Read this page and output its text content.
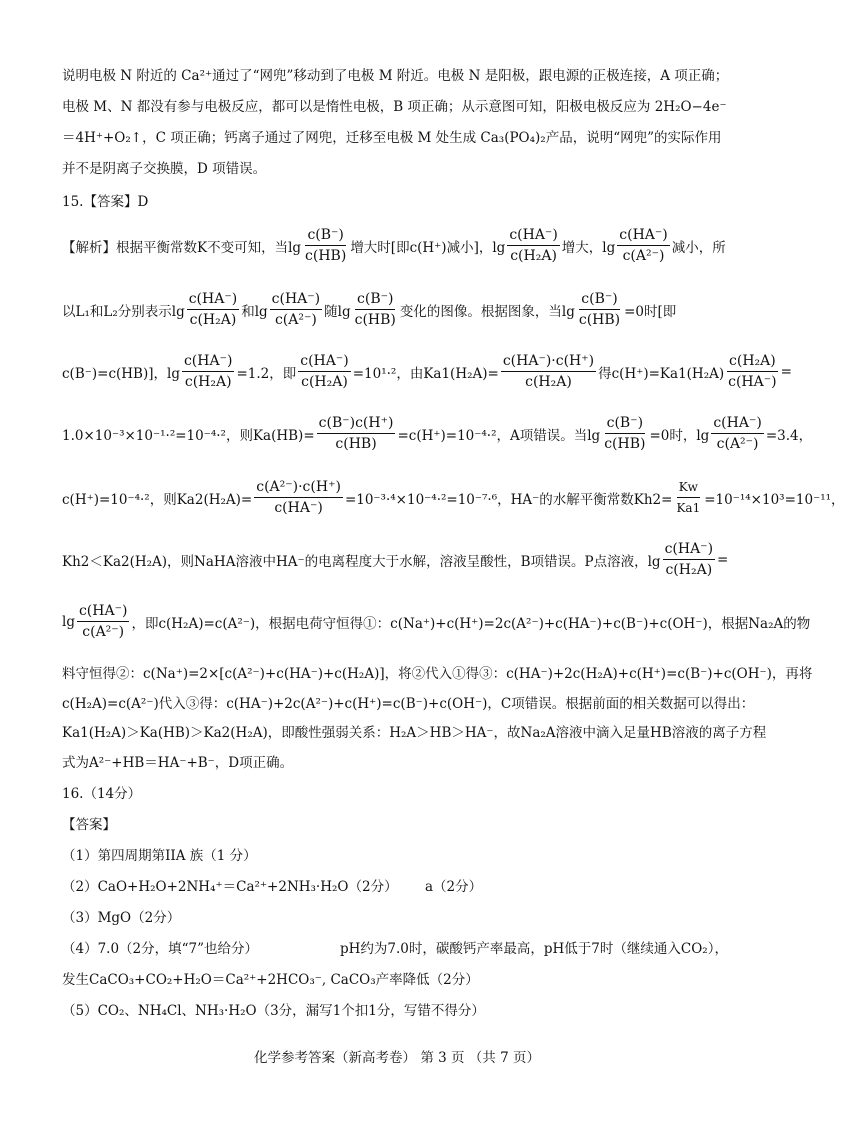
说明电极 N 附近的 Ca²⁺通过了“网兜”移动到了电极 M 附近。电极 N 是阳极，跟电源的正极连接，A 项正确；
电极 M、N 都没有参与电极反应，都可以是惰性电极，B 项正确；从示意图可知，阳极电极反应为 2H₂O−4e⁻
＝4H⁺+O₂↑，C 项正确；钙离子通过了网兜，迁移至电极 M 处生成 Ca₃(PO₄)₂产品，说明“网兜”的实际作用
并不是阴离子交换膜，D 项错误。
15.【答案】D
【解析】根据平衡常数K不变可知，当$\lg \frac{c(B^-)}{c(HB)}$ 增大时[即c(H⁺)减小]，$\lg \frac{c(HA^-)}{\text{c(H₂A)}}$ 增大，$\lg \frac{c(HA^-)}{\text{c(A²⁻)}}$ 减小，所
以L₁和L₂分别表示$\lg \frac{c(HA^-)}{\text{c(H₂A)}}$ 和$\lg \frac{c(HA^-)}{\text{c(A²⁻)}}$ 随$\lg \frac{c(B^-)}{c(HB)}$ 变化的图像。根据图象，当$\lg \frac{c(B^-)}{c(HB)} =0$时[即
c(B⁻)=c(HB)]，$\lg \frac{c(HA^-)}{\text{c(H₂A)}} =1.2$，即 $\frac{c(HA^-)}{\text{c(H₂A)}} =10^1\cdot^2$，由$Ka1(H_2A)= \frac{c(HA^-)\cdot c(H^+)}{\text{c(H₂A)}}$ 得$c(H^+)=Ka1(H_2A) \frac{\text{c(H₂A)}}{c(HA^-)}$ =
1.0×10⁻³×10⁻¹·²=10⁻⁴·²，则$Ka(HB)= \frac{c(B^-)c(H^+)}{c(HB)} =c(H^+)=10^{-4}\cdot^2$，A项错误。当$\lg \frac{c(B^-)}{c(HB)} =0$时，$\lg \frac{c(HA^-)}{\text{c(A²⁻)}} =3.4$，
c(H⁺)=10⁻⁴·²，则$Ka2(H_2A)= \frac{\text{c(A²⁻)·c(H⁺)}}{c(HA^-)} =10^{-3}\cdot^4\times 10^{-4}\cdot^2=10^{-7}\cdot^6$，HA⁻的水解平衡常数$Kh2= \frac{Kw}{Ka1} =10^{-14}\times 10^3=10^{-11}$，
Kh2＜Ka2(H₂A)，则NaHA溶液中HA⁻的电离程度大于水解，溶液呈酸性，B项错误。P点溶液，$\lg \frac{c(HA^-)}{\text{c(H₂A)}}$ =
$\lg \frac{c(HA^-)}{\text{c(A²⁻)}}$ ，即c(H₂A)=c(A²⁻)，根据电荷守恒得①：c(Na⁺)+c(H⁺)=2c(A²⁻)+c(HA⁻)+c(B⁻)+c(OH⁻)，根据Na₂A的物
料守恒得②：c(Na⁺)=2×[c(A²⁻)+c(HA⁻)+c(H₂A)]，将②代入①得③：c(HA⁻)+2c(H₂A)+c(H⁺)=c(B⁻)+c(OH⁻)，再将
c(H₂A)=c(A²⁻)代入③得：c(HA⁻)+2c(A²⁻)+c(H⁺)=c(B⁻)+c(OH⁻)，C项错误。根据前面的相关数据可以得出：
Ka1(H₂A)＞Ka(HB)＞Ka2(H₂A)，即酸性强弱关系：H₂A＞HB＞HA⁻，故Na₂A溶液中滴入足量HB溶液的离子方程
式为A²⁻+HB＝HA⁻+B⁻，D项正确。
16.（14分）
【答案】
（1）第四周期第IIA 族（1 分）
（2）CaO+H₂O+2NH₄⁺＝Ca²⁺+2NH₃·H₂O（2分） a（2分）
（3）MgO（2分）
（4）7.0（2分，填“7”也给分）	pH约为7.0时，碳酸钙产率最高，pH低于7时（继续通入CO₂），
发生CaCO₃+CO₂+H₂O＝Ca²⁺+2HCO₃⁻, CaCO₃产率降低（2分）
（5）CO₂、NH₄Cl、NH₃·H₂O（3分，漏写1个扣1分，写错不得分）
化学参考答案（新高考卷） 第 3 页 （共 7 页）
